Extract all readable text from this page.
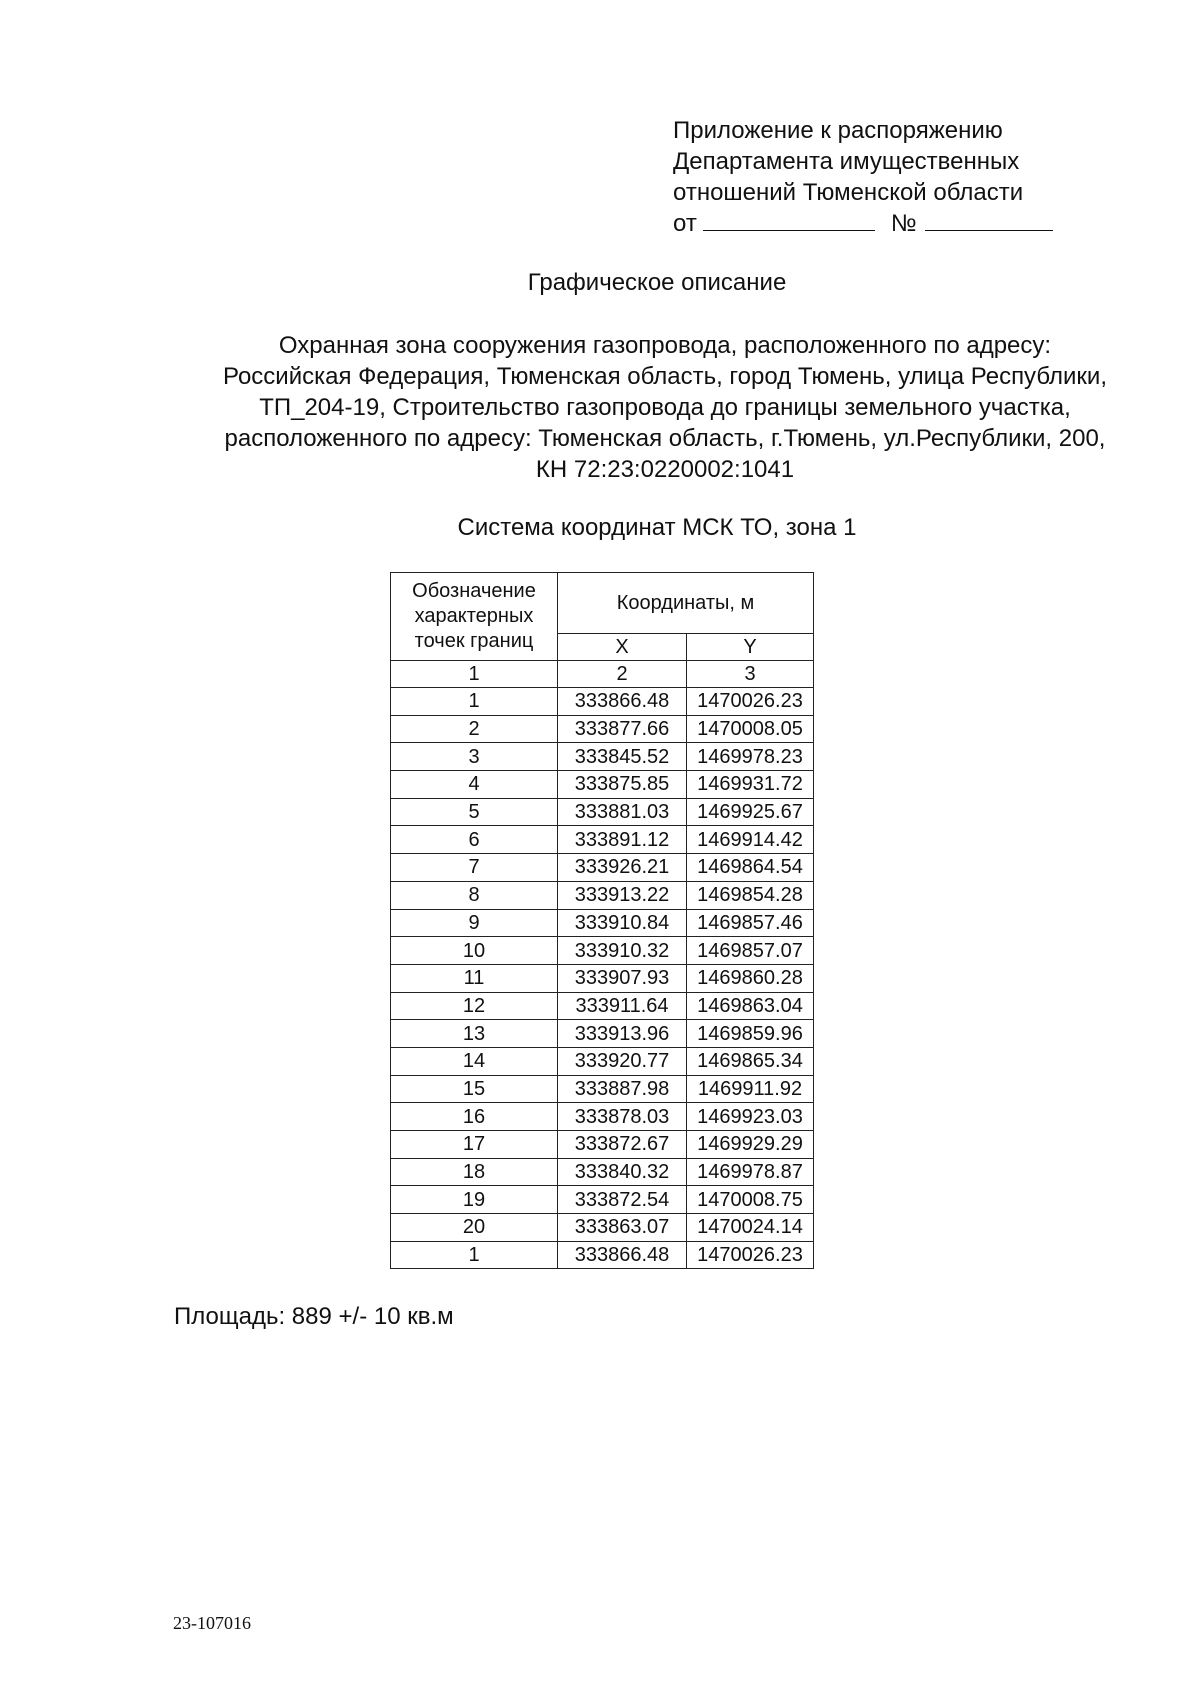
Приложение к распоряжению
Департамента имущественных
отношений Тюменской области
от	№
Графическое описание
Охранная зона сооружения газопровода, расположенного по адресу:
Российская Федерация, Тюменская область, город Тюмень, улица Республики,
ТП_204-19, Строительство газопровода до границы земельного участка,
расположенного по адресу: Тюменская область, г.Тюмень, ул.Республики, 200,
КН 72:23:0220002:1041
Система координат МСК ТО, зона 1
Обозначение характерных точек границ	Координаты, м	
	X	Y
1	2	3
1	333866.48	1470026.23
2	333877.66	1470008.05
3	333845.52	1469978.23
4	333875.85	1469931.72
5	333881.03	1469925.67
6	333891.12	1469914.42
7	333926.21	1469864.54
8	333913.22	1469854.28
9	333910.84	1469857.46
10	333910.32	1469857.07
11	333907.93	1469860.28
12	333911.64	1469863.04
13	333913.96	1469859.96
14	333920.77	1469865.34
15	333887.98	1469911.92
16	333878.03	1469923.03
17	333872.67	1469929.29
18	333840.32	1469978.87
19	333872.54	1470008.75
20	333863.07	1470024.14
1	333866.48	1470026.23
Площадь: 889 +/- 10 кв.м
23-107016
